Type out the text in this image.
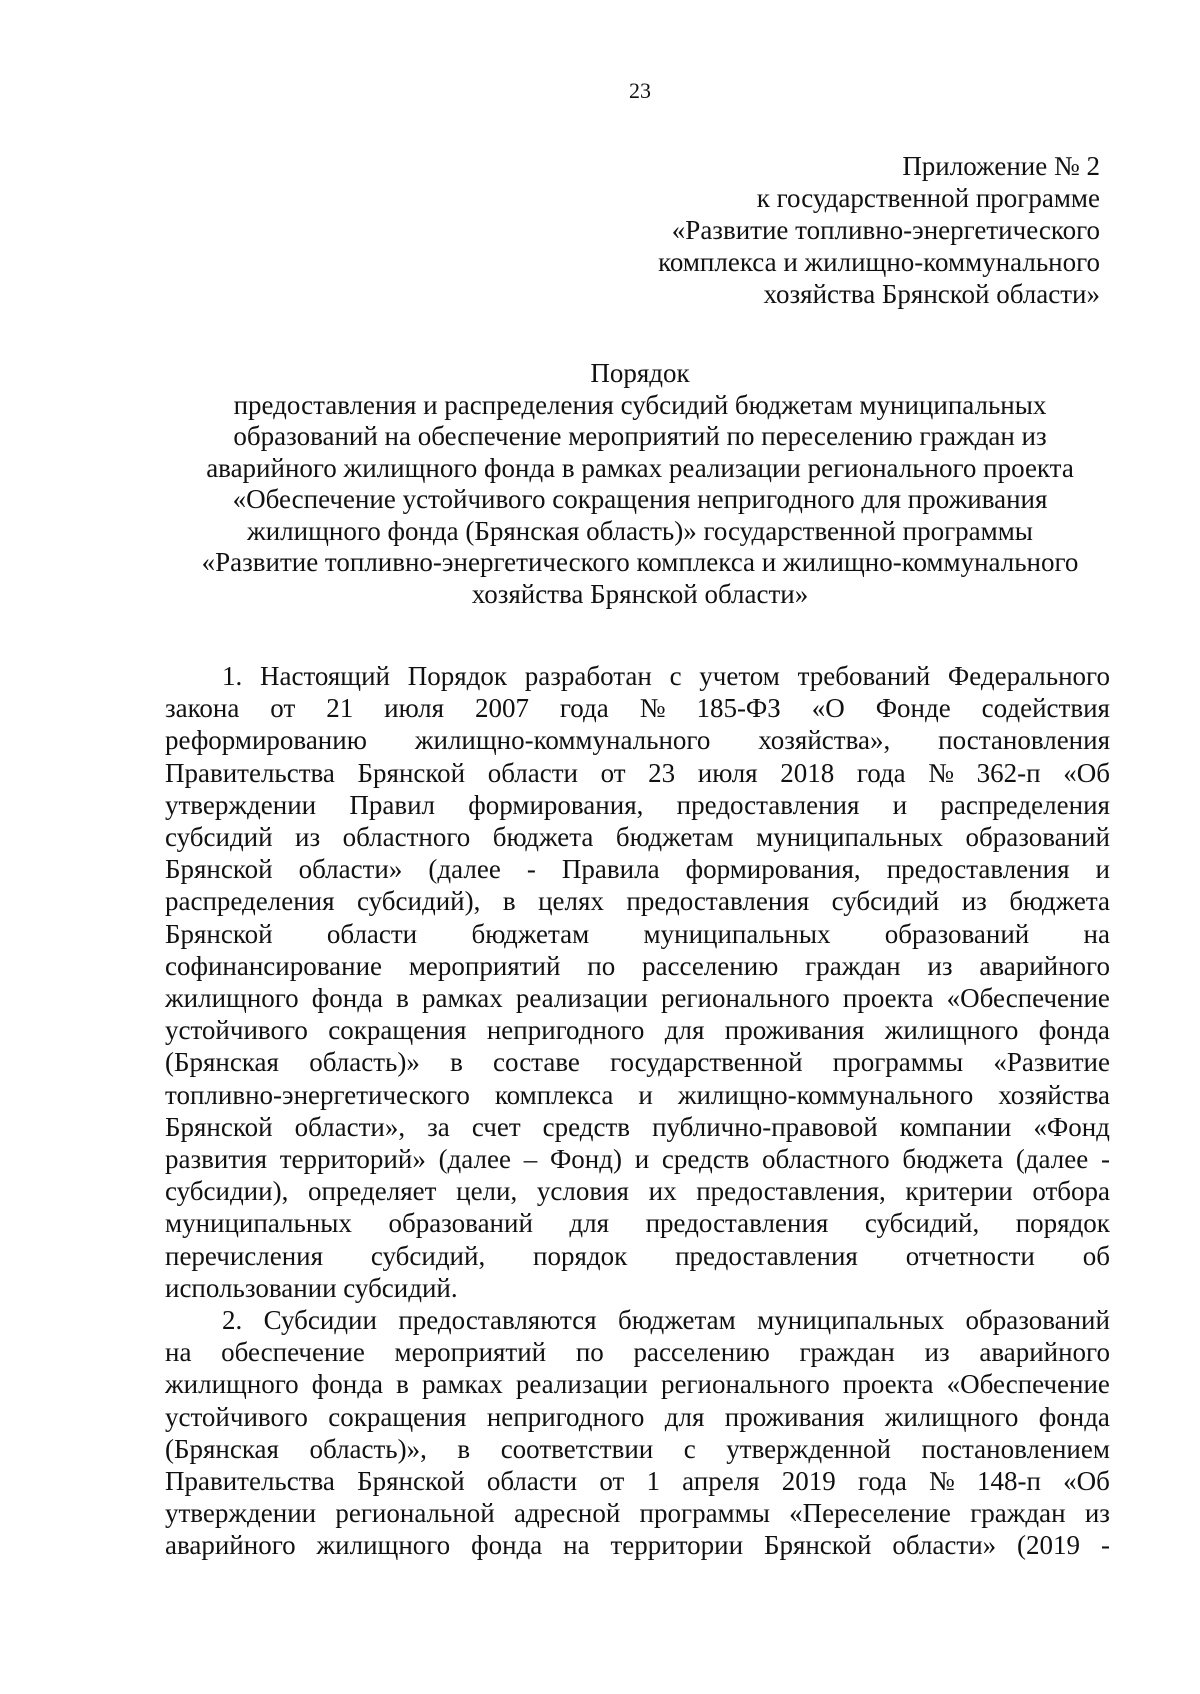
23
Приложение № 2
к государственной программе
«Развитие топливно-энергетического
комплекса и жилищно-коммунального
хозяйства Брянской области»
Порядок
предоставления и распределения субсидий бюджетам муниципальных
образований на обеспечение мероприятий по переселению граждан из
аварийного жилищного фонда в рамках реализации регионального проекта
«Обеспечение устойчивого сокращения непригодного для проживания
жилищного фонда (Брянская область)» государственной программы
«Развитие топливно-энергетического комплекса и жилищно-коммунального
хозяйства Брянской области»
1. Настоящий Порядок разработан с учетом требований Федерального
закона от 21 июля 2007 года № 185-ФЗ «О Фонде содействия
реформированию жилищно-коммунального хозяйства», постановления
Правительства Брянской области от 23 июля 2018 года № 362-п «Об
утверждении Правил формирования, предоставления и распределения
субсидий из областного бюджета бюджетам муниципальных образований
Брянской области» (далее - Правила формирования, предоставления и
распределения субсидий), в целях предоставления субсидий из бюджета
Брянской области бюджетам муниципальных образований на
софинансирование мероприятий по расселению граждан из аварийного
жилищного фонда в рамках реализации регионального проекта «Обеспечение
устойчивого сокращения непригодного для проживания жилищного фонда
(Брянская область)» в составе государственной программы «Развитие
топливно-энергетического комплекса и жилищно-коммунального хозяйства
Брянской области», за счет средств публично-правовой компании «Фонд
развития территорий» (далее – Фонд) и средств областного бюджета (далее -
субсидии), определяет цели, условия их предоставления, критерии отбора
муниципальных образований для предоставления субсидий, порядок
перечисления субсидий, порядок предоставления отчетности об
использовании субсидий.
2. Субсидии предоставляются бюджетам муниципальных образований
на обеспечение мероприятий по расселению граждан из аварийного
жилищного фонда в рамках реализации регионального проекта «Обеспечение
устойчивого сокращения непригодного для проживания жилищного фонда
(Брянская область)», в соответствии с утвержденной постановлением
Правительства Брянской области от 1 апреля 2019 года № 148-п «Об
утверждении региональной адресной программы «Переселение граждан из
аварийного жилищного фонда на территории Брянской области» (2019 -
